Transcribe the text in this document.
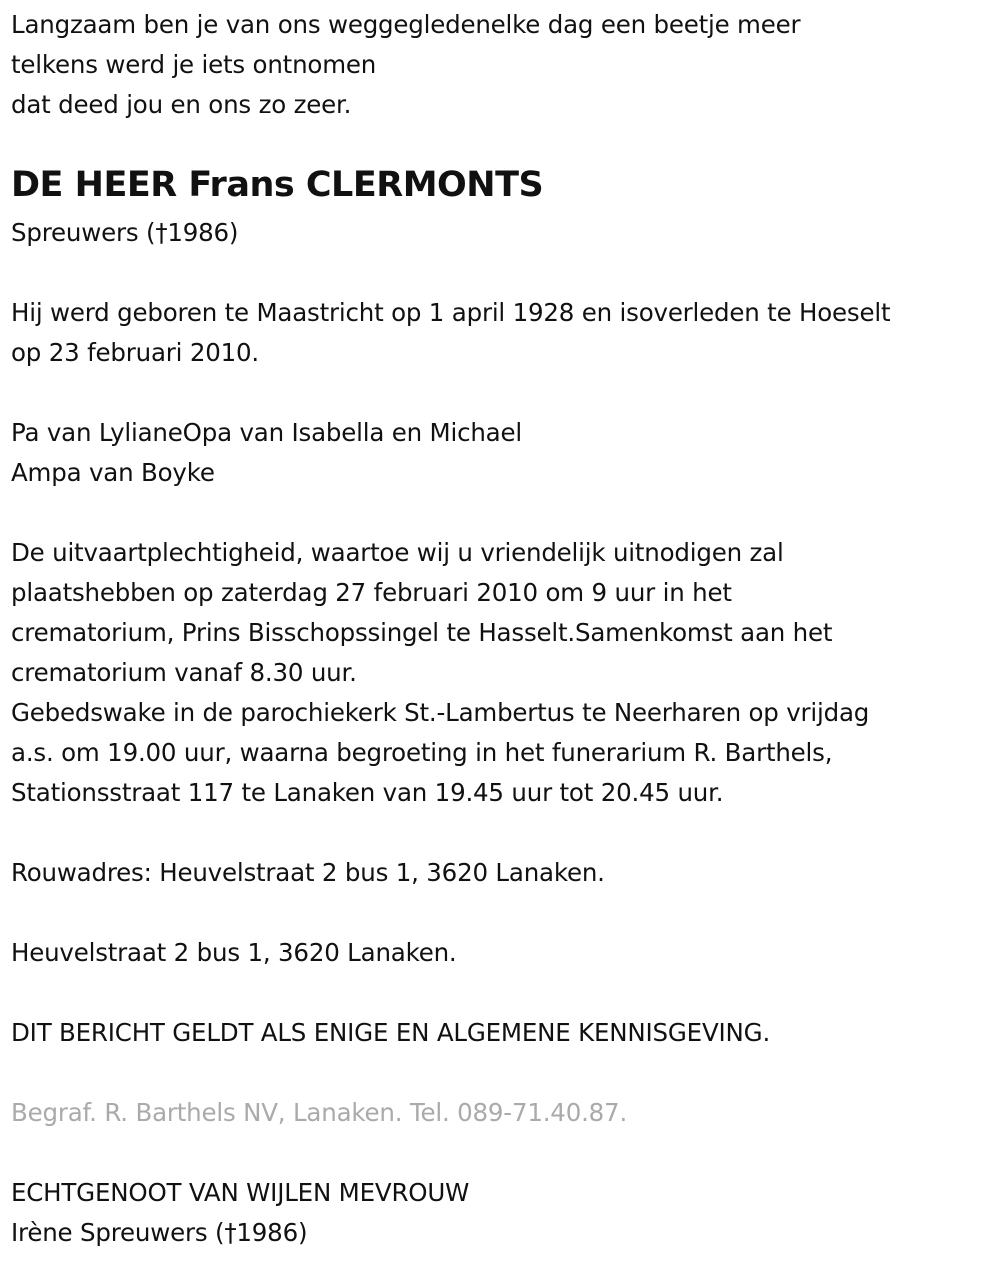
Langzaam ben je van ons weggegledenelke dag een beetje meer
telkens werd je iets ontnomen
dat deed jou en ons zo zeer.
DE HEER Frans CLERMONTS
Spreuwers (†1986)
Hij werd geboren te Maastricht op 1 april 1928 en isoverleden te Hoeselt
op 23 februari 2010.
Pa van LylianeOpa van Isabella en Michael
Ampa van Boyke
De uitvaartplechtigheid, waartoe wij u vriendelijk uitnodigen zal
plaatshebben op zaterdag 27 februari 2010 om 9 uur in het
crematorium, Prins Bisschopssingel te Hasselt.Samenkomst aan het
crematorium vanaf 8.30 uur.
Gebedswake in de parochiekerk St.-Lambertus te Neerharen op vrijdag
a.s. om 19.00 uur, waarna begroeting in het funerarium R. Barthels,
Stationsstraat 117 te Lanaken van 19.45 uur tot 20.45 uur.
Rouwadres: Heuvelstraat 2 bus 1, 3620 Lanaken.
Heuvelstraat 2 bus 1, 3620 Lanaken.
DIT BERICHT GELDT ALS ENIGE EN ALGEMENE KENNISGEVING.
Begraf. R. Barthels NV, Lanaken. Tel. 089-71.40.87.
ECHTGENOOT VAN WIJLEN MEVROUW
Irène Spreuwers (†1986)
